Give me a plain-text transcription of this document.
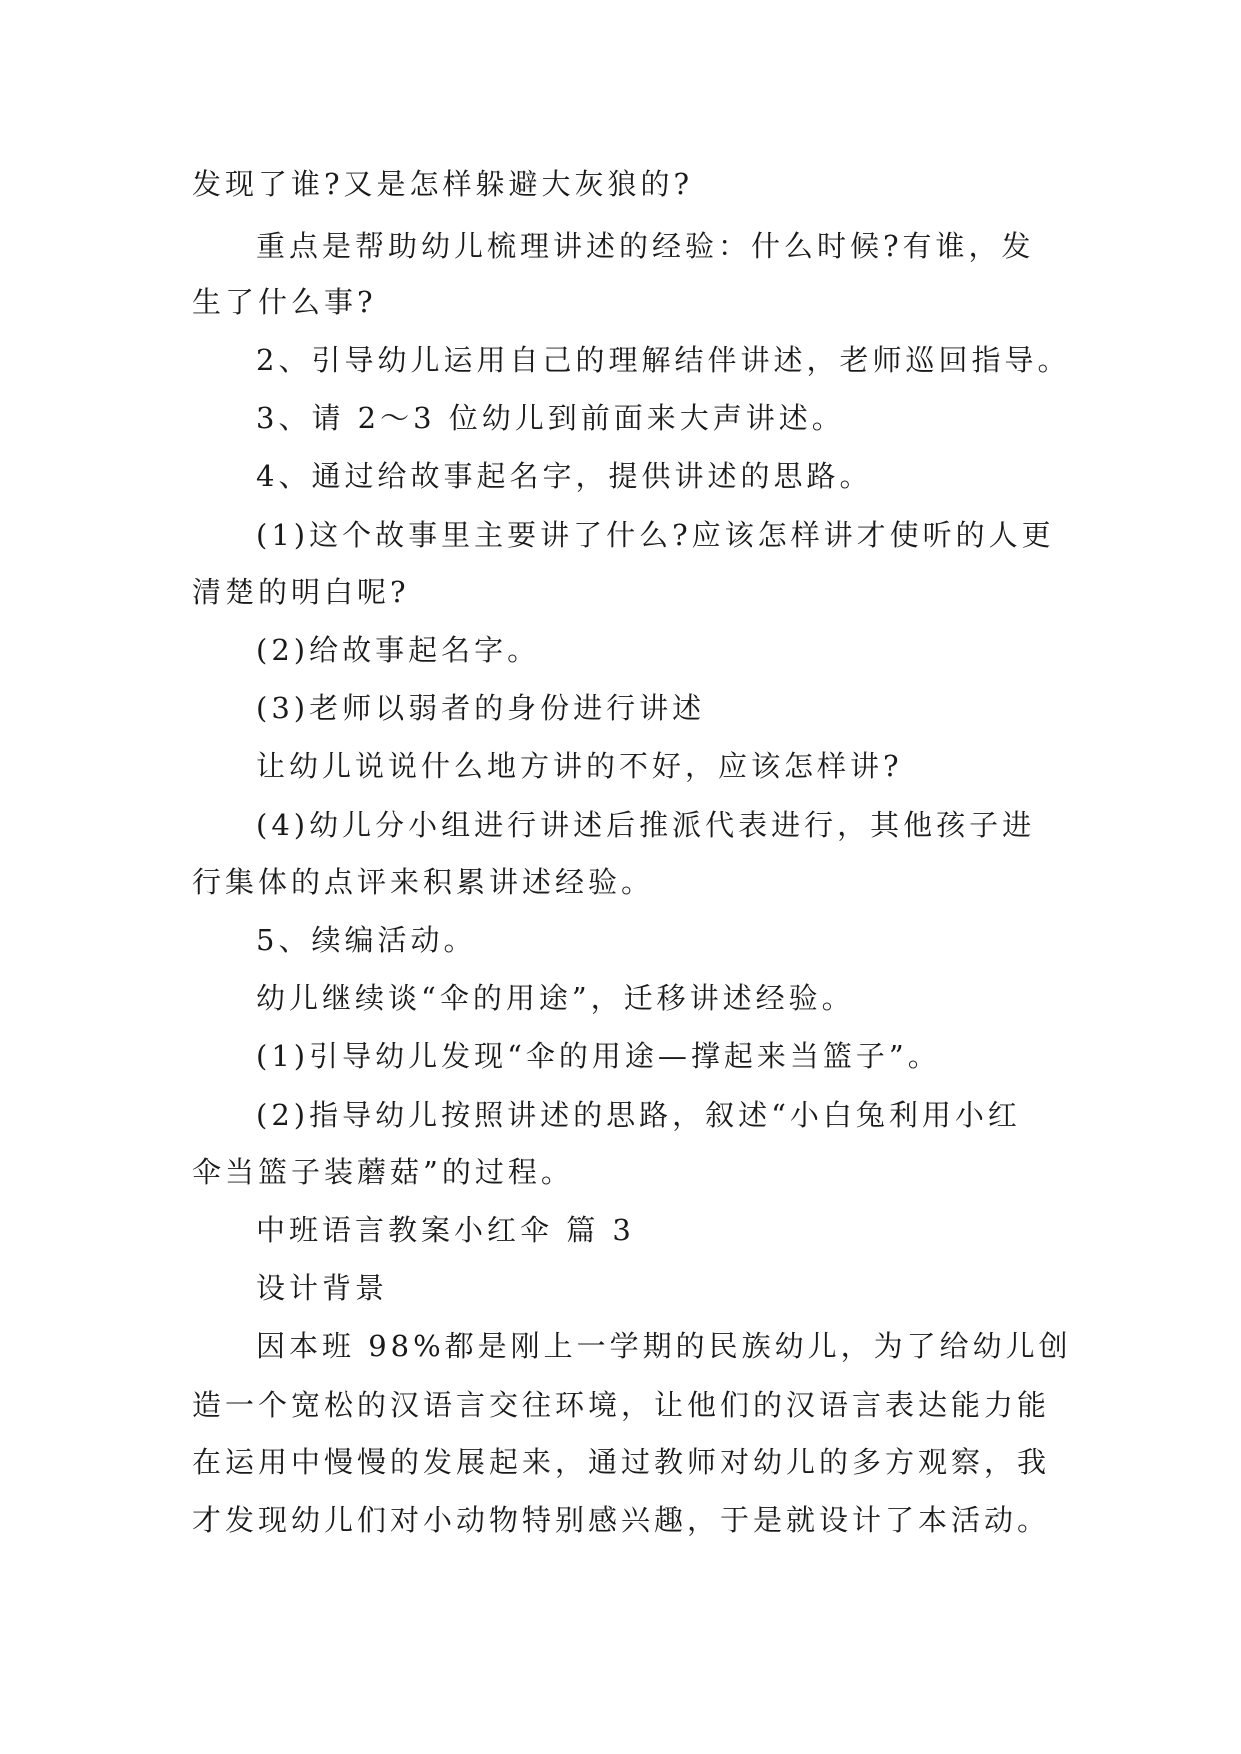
发现了谁?又是怎样躲避大灰狼的?

重点是帮助幼儿梳理讲述的经验：什么时候?有谁，发

生了什么事?

2、引导幼儿运用自己的理解结伴讲述，老师巡回指导。

3、请 2～3 位幼儿到前面来大声讲述。

4、通过给故事起名字，提供讲述的思路。

(1)这个故事里主要讲了什么?应该怎样讲才使听的人更

清楚的明白呢?

(2)给故事起名字。

(3)老师以弱者的身份进行讲述

让幼儿说说什么地方讲的不好，应该怎样讲?

(4)幼儿分小组进行讲述后推派代表进行，其他孩子进

行集体的点评来积累讲述经验。

5、续编活动。

幼儿继续谈“伞的用途”，迁移讲述经验。

(1)引导幼儿发现“伞的用途—撑起来当篮子”。

(2)指导幼儿按照讲述的思路，叙述“小白兔利用小红

伞当篮子装蘑菇”的过程。

中班语言教案小红伞 篇 3

设计背景

因本班 98%都是刚上一学期的民族幼儿，为了给幼儿创

造一个宽松的汉语言交往环境，让他们的汉语言表达能力能

在运用中慢慢的发展起来，通过教师对幼儿的多方观察，我

才发现幼儿们对小动物特别感兴趣，于是就设计了本活动。
